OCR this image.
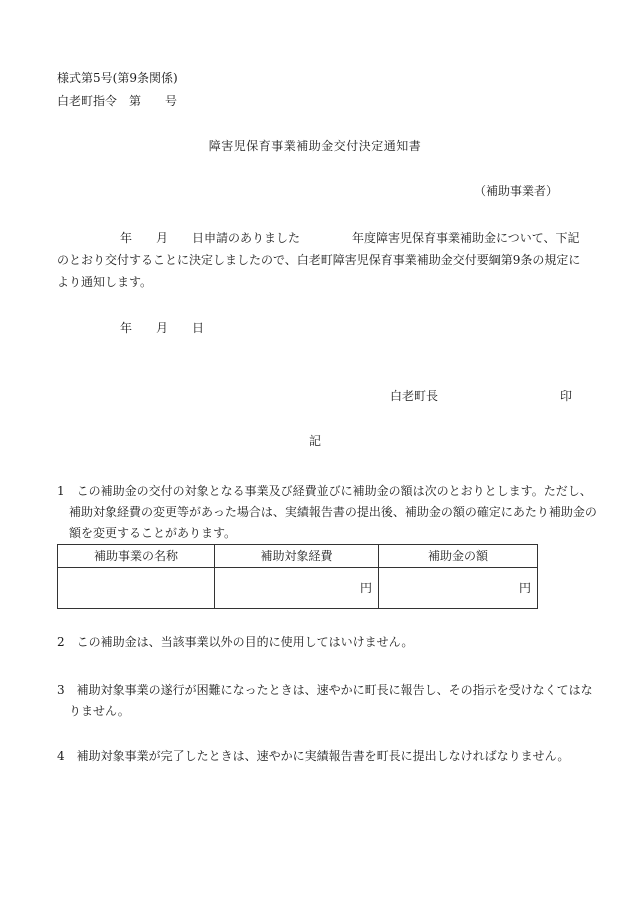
様式第5号(第9条関係)
白老町指令　第　　号
障害児保育事業補助金交付決定通知書
（補助事業者）
年 月 日申請のありました	年度障害児保育事業補助金について、下記
のとおり交付することに決定しましたので、白老町障害児保育事業補助金交付要綱第9条の規定に
より通知します。
年 月 日
白老町長	印
記
1　 この補助金の交付の対象となる事業及び経費並びに補助金の額は次のとおりとします。ただし、補助対象経費の変更等があった場合は、実績報告書の提出後、補助金の額の確定にあたり補助金の額を変更することがあります。
補助事業の名称	補助対象経費	補助金の額
	円	円
2　 この補助金は、当該事業以外の目的に使用してはいけません。
3　 補助対象事業の遂行が困難になったときは、速やかに町長に報告し、その指示を受けなくてはなりません。
4　 補助対象事業が完了したときは、速やかに実績報告書を町長に提出しなければなりません。
